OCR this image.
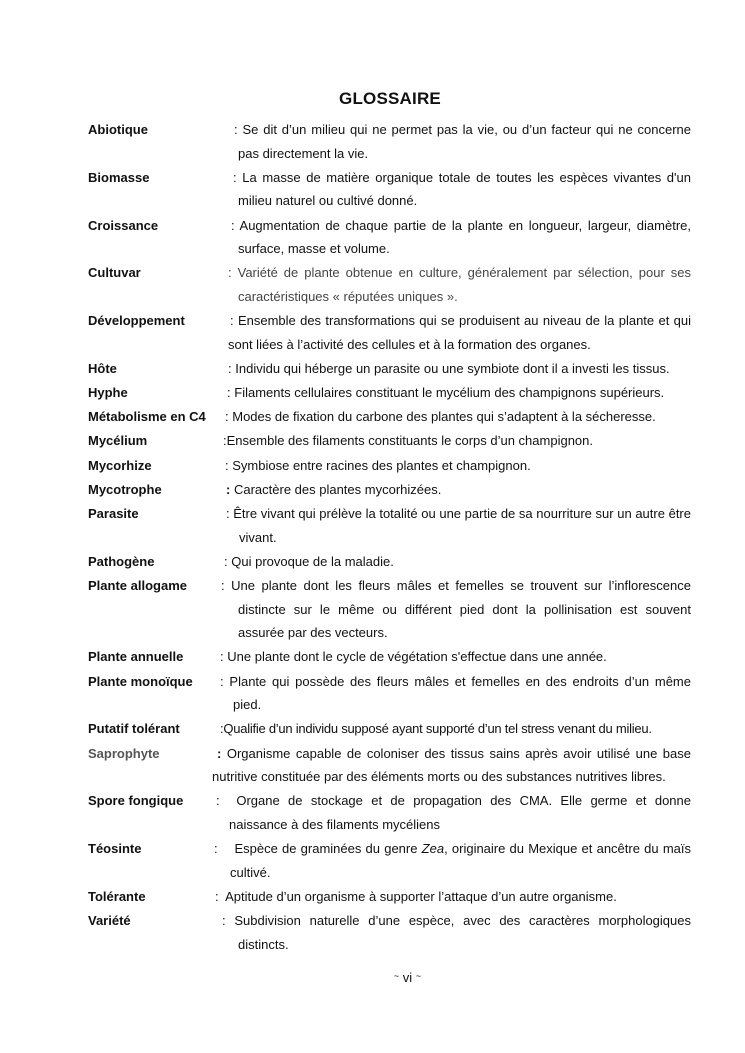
GLOSSAIRE
Abiotique	: Se dit d’un milieu qui ne permet pas la vie, ou d’un facteur qui ne concerne pas directement la vie.
Biomasse	: La masse de matière organique totale de toutes les espèces vivantes d'un milieu naturel ou cultivé donné.
Croissance	: Augmentation de chaque partie de la plante en longueur, largeur, diamètre, surface, masse et volume.
Cultuvar	: Variété de plante obtenue en culture, généralement par sélection, pour ses caractéristiques « réputées uniques ».
Développement	: Ensemble des transformations qui se produisent au niveau de la plante et qui sont liées à l’activité des cellules et à la formation des organes.
Hôte	: Individu qui héberge un parasite ou une symbiote dont il a investi les tissus.
Hyphe	: Filaments cellulaires constituant le mycélium des champignons supérieurs.
Métabolisme en C4	: Modes de fixation du carbone des plantes qui s’adaptent à la sécheresse.
Mycélium	:Ensemble des filaments constituants le corps d’un champignon.
Mycorhize	: Symbiose entre racines des plantes et champignon.
Mycotrophe	: Caractère des plantes mycorhizées.
Parasite	: Être vivant qui prélève la totalité ou une partie de sa nourriture sur un autre être vivant.
Pathogène	: Qui provoque de la maladie.
Plante allogame	: Une plante dont les fleurs mâles et femelles se trouvent sur l’inflorescence distincte sur le même ou différent pied dont la pollinisation est souvent assurée par des vecteurs.
Plante annuelle	: Une plante dont le cycle de végétation s'effectue dans une année.
Plante monoïque	: Plante qui possède des fleurs mâles et femelles en des endroits d’un même pied.
Putatif tolérant	:Qualifie d’un individu supposé ayant supporté d’un tel stress venant du milieu.
Saprophyte	: Organisme capable de coloniser des tissus sains après avoir utilisé une base nutritive constituée par des éléments morts ou des substances nutritives libres.
Spore fongique	: Organe de stockage et de propagation des CMA. Elle germe et donne naissance à des filaments mycéliens
Téosinte	: Espèce de graminées du genre Zea, originaire du Mexique et ancêtre du maïs cultivé.
Tolérante	: Aptitude d’un organisme à supporter l’attaque d’un autre organisme.
Variété	: Subdivision naturelle d’une espèce, avec des caractères morphologiques distincts.
~ vi ~
